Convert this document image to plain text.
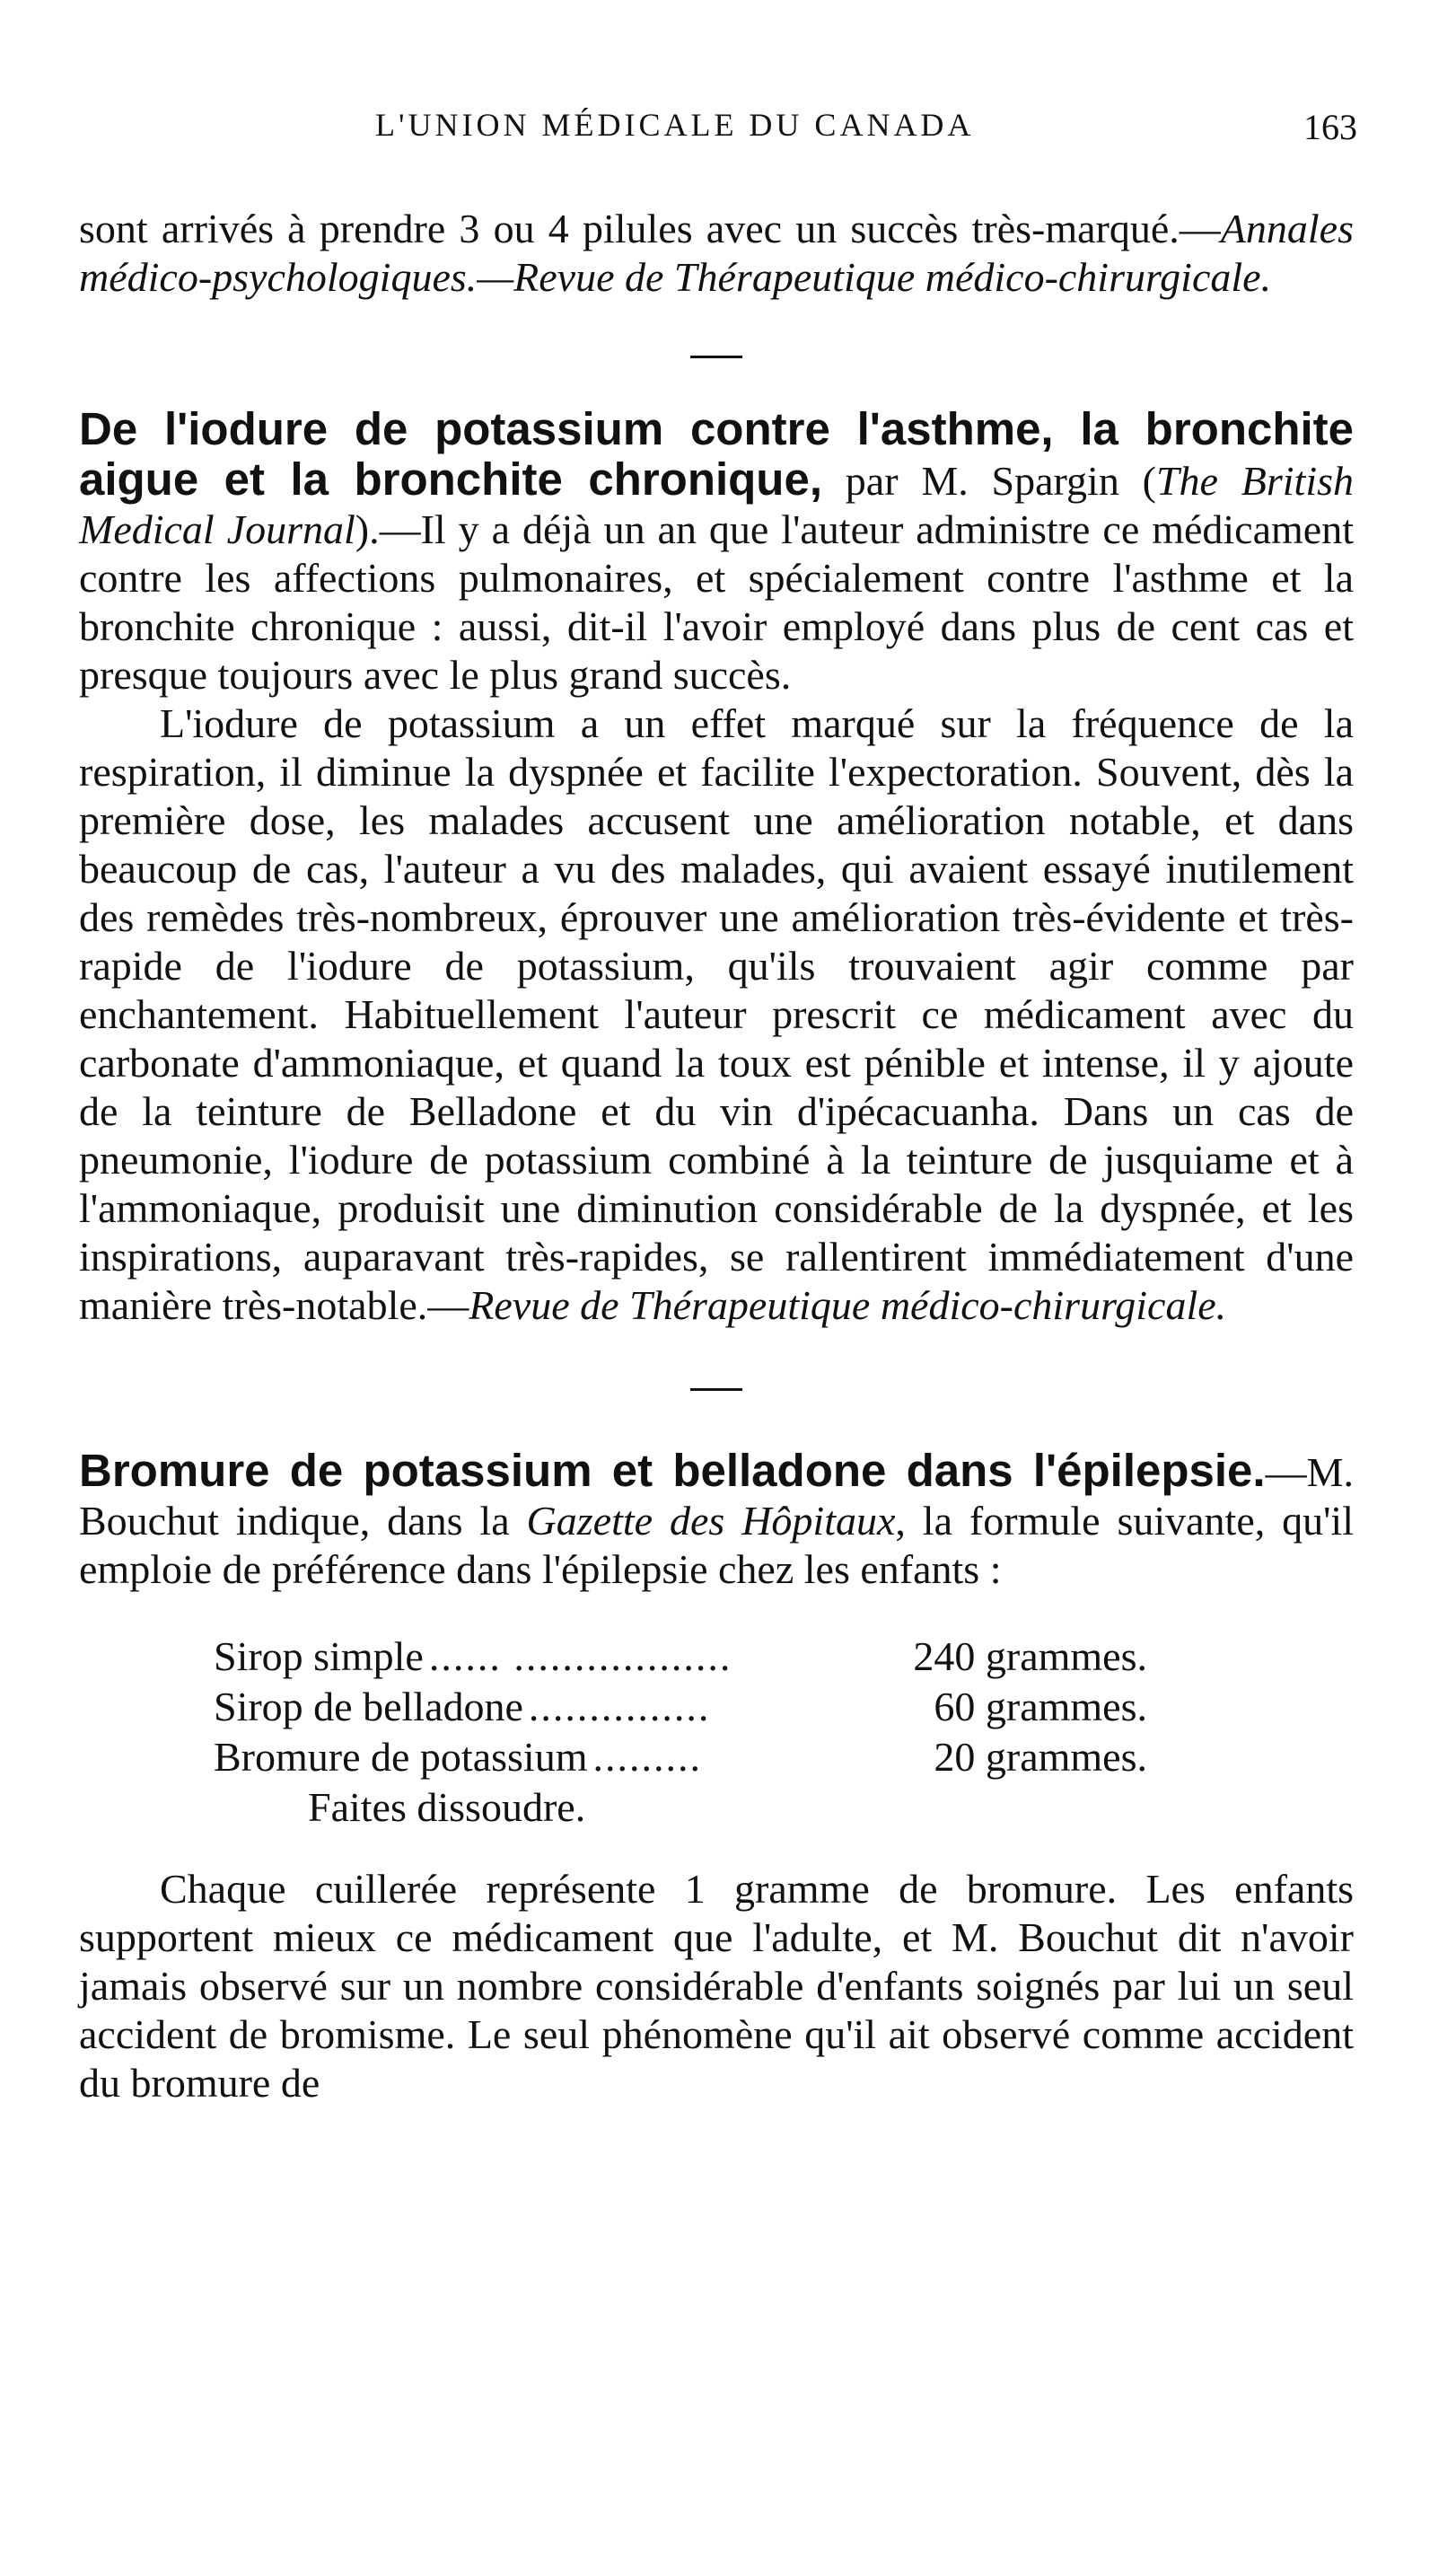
L'UNION MÉDICALE DU CANADA	163

sont arrivés à prendre 3 ou 4 pilules avec un succès très-marqué.—Annales médico-psychologiques.—Revue de Thérapeutique médico-chirurgicale.

De l'iodure de potassium contre l'asthme, la bronchite aigue et la bronchite chronique, par M. Spargin (The British Medical Journal).—Il y a déjà un an que l'auteur administre ce médicament contre les affections pulmonaires, et spécialement contre l'asthme et la bronchite chronique : aussi, dit-il l'avoir employé dans plus de cent cas et presque toujours avec le plus grand succès.

L'iodure de potassium a un effet marqué sur la fréquence de la respiration, il diminue la dyspnée et facilite l'expectoration. Souvent, dès la première dose, les malades accusent une amélioration notable, et dans beaucoup de cas, l'auteur a vu des malades, qui avaient essayé inutilement des remèdes très-nombreux, éprouver une amélioration très-évidente et très-rapide de l'iodure de potassium, qu'ils trouvaient agir comme par enchantement. Habituellement l'auteur prescrit ce médicament avec du carbonate d'ammoniaque, et quand la toux est pénible et intense, il y ajoute de la teinture de Belladone et du vin d'ipécacuanha. Dans un cas de pneumonie, l'iodure de potassium combiné à la teinture de jusquiame et à l'ammoniaque, produisit une diminution considérable de la dyspnée, et les inspirations, auparavant très-rapides, se rallentirent immédiatement d'une manière très-notable.—Revue de Thérapeutique médico-chirurgicale.

Bromure de potassium et belladone dans l'épilepsie.—M. Bouchut indique, dans la Gazette des Hôpitaux, la formule suivante, qu'il emploie de préférence dans l'épilepsie chez les enfants :

Sirop simple ...... ..................	240 grammes.
Sirop de belladone ...............	60 grammes.
Bromure de potassium .........	20 grammes.
Faites dissoudre.

Chaque cuillerée représente 1 gramme de bromure. Les enfants supportent mieux ce médicament que l'adulte, et M. Bouchut dit n'avoir jamais observé sur un nombre considérable d'enfants soignés par lui un seul accident de bromisme. Le seul phénomène qu'il ait observé comme accident du bromure de
